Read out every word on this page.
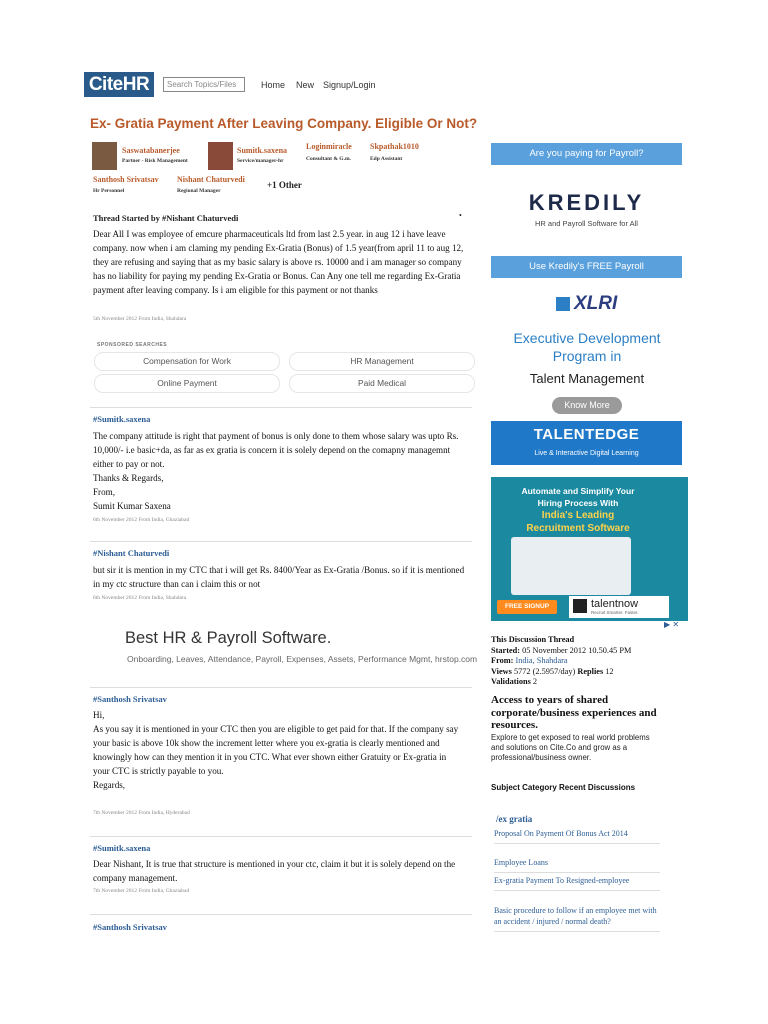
CiteHR	Search Topics/Files	Home New Signup/Login
Ex- Gratia Payment After Leaving Company. Eligible Or Not?
Saswatabanerjee
Partner - Risk Management
Sumitk.saxena
Service/manager-hr
Loginmiracle
Consultant & G.m.
Skpathak1010
Edp Assistant
Santhosh Srivatsav
Hr Personnel
Nishant Chaturvedi
Regional Manager
+1 Other
Thread Started by #Nishant Chaturvedi	•
Dear All I was employee of emcure pharmaceuticals ltd from last 2.5 year. in aug 12 i have leave company. now when i am claming my pending Ex-Gratia (Bonus) of 1.5 year(from april 11 to aug 12, they are refusing and saying that as my basic salary is above rs. 10000 and i am manager so company has no liability for paying my pending Ex-Gratia or Bonus. Can Any one tell me regarding Ex-Gratia payment after leaving company. Is i am eligible for this payment or not thanks
5th November 2012 From India, Shahdara
SPONSORED SEARCHES
Compensation for Work	HR Management
Online Payment	Paid Medical
#Sumitk.saxena
The company attitude is right that payment of bonus is only done to them whose salary was upto Rs. 10,000/- i.e basic+da, as far as ex gratia is concern it is solely depend on the comapny managemnt either to pay or not.
Thanks & Regards,
From,
Sumit Kumar Saxena
6th November 2012 From India, Ghaziabad
#Nishant Chaturvedi
but sir it is mention in my CTC that i will get Rs. 8400/Year as Ex-Gratia /Bonus. so if it is mentioned in my ctc structure than can i claim this or not
6th November 2012 From India, Shahdara
Best HR & Payroll Software.
Onboarding, Leaves, Attendance, Payroll, Expenses, Assets, Performance Mgmt, hrstop.com
#Santhosh Srivatsav
Hi,
As you say it is mentioned in your CTC then you are eligible to get paid for that. If the company say your basic is above 10k show the increment letter where you ex-gratia is clearly mentioned and knowingly how can they mention it in you CTC. What ever shown either Gratuity or Ex-gratia in your CTC is strictly payable to you.
Regards,
7th November 2012 From India, Hyderabad
#Sumitk.saxena
Dear Nishant, It is true that structure is mentioned in your ctc, claim it but it is solely depend on the company management.
7th November 2012 From India, Ghaziabad
#Santhosh Srivatsav
Are you paying for Payroll?
KREDILY
HR and Payroll Software for All
Use Kredily's FREE Payroll
XLRI
Executive Development Program in
Talent Management
Know More
TALENTEDGE
Live & Interactive Digital Learning
Automate and Simplify Your Hiring Process With
India's Leading Recruitment Software
FREE SIGNUP	talentnow
Recruit Smarter. Faster.
▶ ✕
This Discussion Thread
Started: 05 November 2012 10.50.45 PM
From: India, Shahdara
Views 5772 (2.5957/day) Replies 12
Validations 2
Access to years of shared corporate/business experiences and resources.
Explore to get exposed to real world problems and solutions on Cite.Co and grow as a professional/business owner.
Subject Category Recent Discussions
/ex gratia
Proposal On Payment Of Bonus Act 2014
Employee Loans
Ex-gratia Payment To Resigned-employee
Basic procedure to follow if an employee met with an accident / injured / normal death?
